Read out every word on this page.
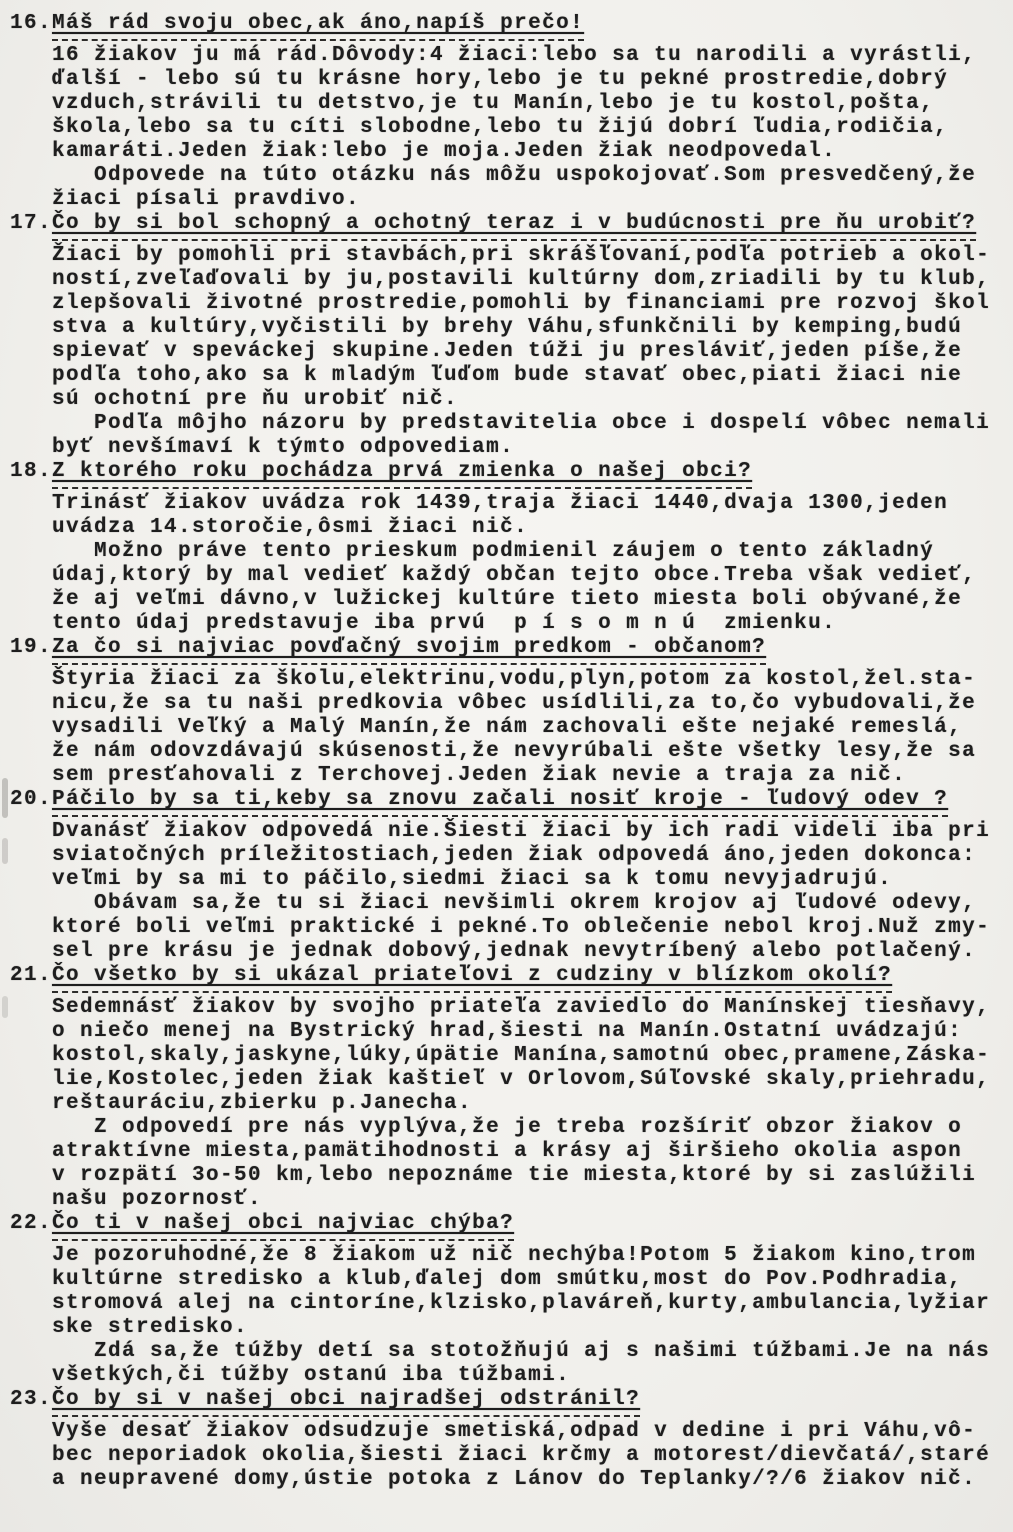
16. Máš rád svoju obec,ak áno,napíš prečo!
16 žiakov ju má rád.Dôvody:4 žiaci:lebo sa tu narodili a vyrástli,
ďalší - lebo sú tu krásne hory,lebo je tu pekné prostredie,dobrý
vzduch,strávili tu detstvo,je tu Manín,lebo je tu kostol,pošta,
škola,lebo sa tu cíti slobodne,lebo tu žijú dobrí ľudia,rodičia,
kamaráti.Jeden žiak:lebo je moja.Jeden žiak neodpovedal.
Odpovede na túto otázku nás môžu uspokojovať.Som presvedčený,že
žiaci písali pravdivo.
17. Čo by si bol schopný a ochotný teraz i v budúcnosti pre ňu urobiť?
Žiaci by pomohli pri stavbách,pri skrášľovaní,podľa potrieb a okol-
ností,zveľaďovali by ju,postavili kultúrny dom,zriadili by tu klub,
zlepšovali životné prostredie,pomohli by financiami pre rozvoj škol
stva a kultúry,vyčistili by brehy Váhu,sfunkčnili by kemping,budú
spievať v speváckej skupine.Jeden túži ju presláviť,jeden píše,že
podľa toho,ako sa k mladým ľuďom bude stavať obec,piati žiaci nie
sú ochotní pre ňu urobiť nič.
Podľa môjho názoru by predstavitelia obce i dospelí vôbec nemali
byť nevšímaví k týmto odpovediam.
18. Z ktorého roku pochádza prvá zmienka o našej obci?
Trinásť žiakov uvádza rok 1439,traja žiaci 1440,dvaja 1300,jeden
uvádza 14.storočie,ôsmi žiaci nič.
Možno práve tento prieskum podmienil záujem o tento základný
údaj,ktorý by mal vedieť každý občan tejto obce.Treba však vedieť,
že aj veľmi dávno,v lužickej kultúre tieto miesta boli obývané,že
tento údaj predstavuje iba prvú  p í s o m n ú  zmienku.
19. Za čo si najviac povďačný svojim predkom - občanom?
Štyria žiaci za školu,elektrinu,vodu,plyn,potom za kostol,žel.sta-
nicu,že sa tu naši predkovia vôbec usídlili,za to,čo vybudovali,že
vysadili Veľký a Malý Manín,že nám zachovali ešte nejaké remeslá,
že nám odovzdávajú skúsenosti,že nevyrúbali ešte všetky lesy,že sa
sem presťahovali z Terchovej.Jeden žiak nevie a traja za nič.
20. Páčilo by sa ti,keby sa znovu začali nosiť kroje - ľudový odev ?
Dvanásť žiakov odpovedá nie.Šiesti žiaci by ich radi videli iba pri
sviatočných príležitostiach,jeden žiak odpovedá áno,jeden dokonca:
veľmi by sa mi to páčilo,siedmi žiaci sa k tomu nevyjadrujú.
Obávam sa,že tu si žiaci nevšimli okrem krojov aj ľudové odevy,
ktoré boli veľmi praktické i pekné.To oblečenie nebol kroj.Nuž zmy-
sel pre krásu je jednak dobový,jednak nevytríbený alebo potlačený.
21. Čo všetko by si ukázal priateľovi z cudziny v blízkom okolí?
Sedemnásť žiakov by svojho priateľa zaviedlo do Manínskej tiesňavy,
o niečo menej na Bystrický hrad,šiesti na Manín.Ostatní uvádzajú:
kostol,skaly,jaskyne,lúky,úpätie Manína,samotnú obec,pramene,Záska-
lie,Kostolec,jeden žiak kaštieľ v Orlovom,Súľovské skaly,priehradu,
reštauráciu,zbierku p.Janecha.
Z odpovedí pre nás vyplýva,že je treba rozšíriť obzor žiakov o
atraktívne miesta,pamätihodnosti a krásy aj širšieho okolia aspon
v rozpätí 3o-50 km,lebo nepoznáme tie miesta,ktoré by si zaslúžili
našu pozornosť.
22. Čo ti v našej obci najviac chýba?
Je pozoruhodné,že 8 žiakom už nič nechýba!Potom 5 žiakom kino,trom
kultúrne stredisko a klub,ďalej dom smútku,most do Pov.Podhradia,
stromová alej na cintoríne,klzisko,plaváreň,kurty,ambulancia,lyžiar
ske stredisko.
Zdá sa,že túžby detí sa stotožňujú aj s našimi túžbami.Je na nás
všetkých,či túžby ostanú iba túžbami.
23. Čo by si v našej obci najradšej odstránil?
Vyše desať žiakov odsudzuje smetiská,odpad v dedine i pri Váhu,vô-
bec neporiadok okolia,šiesti žiaci krčmy a motorest/dievčatá/,staré
a neupravené domy,ústie potoka z Lánov do Teplanky/?/6 žiakov nič.
